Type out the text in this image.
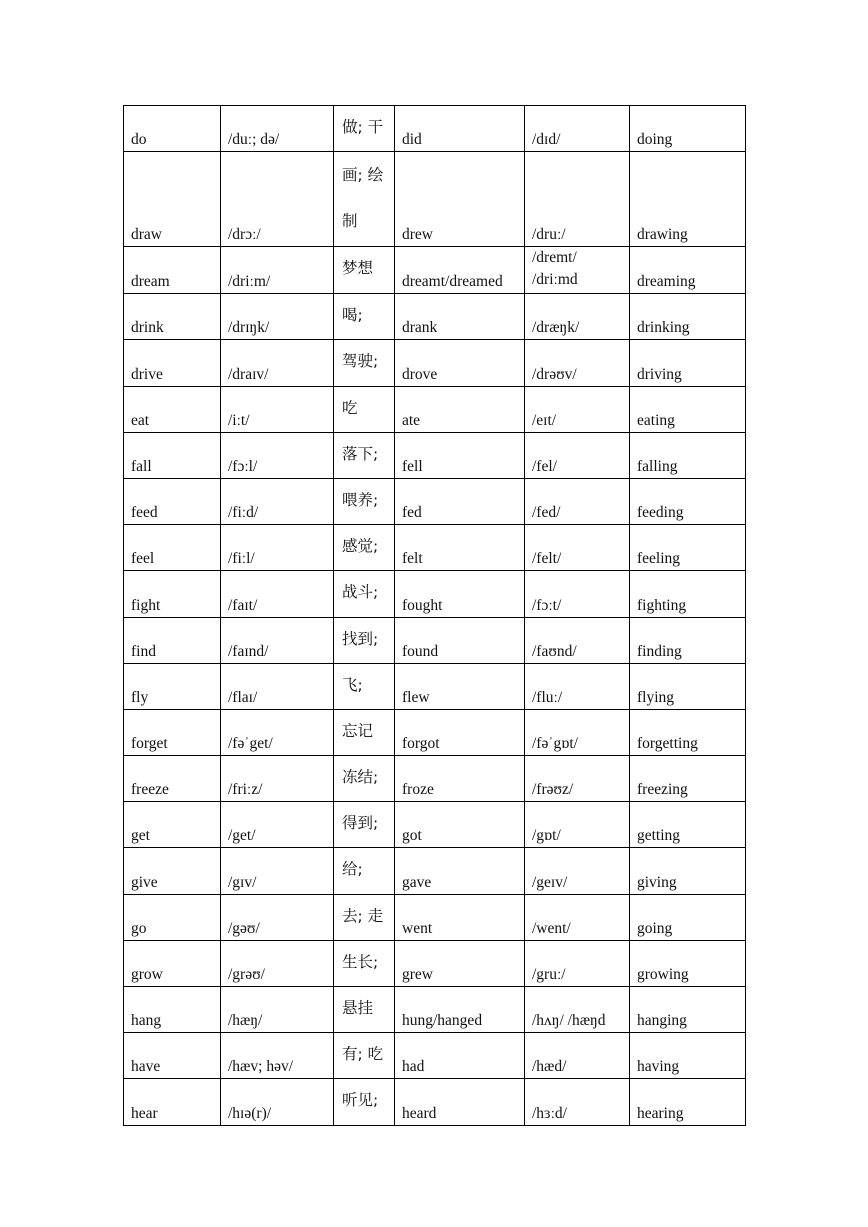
do	/duː; də/	做; 干	did	/dɪd/	doing

draw	/drɔː/	画; 绘 制	drew	/druː/	drawing

dream	/driːm/	梦想	dreamt/dreamed	/dremt/ /driːmd	dreaming

drink	/drɪŋk/	喝;	drank	/dræŋk/	drinking

drive	/draɪv/	驾驶;	drove	/drəʊv/	driving

eat	/iːt/	吃	ate	/eɪt/	eating

fall	/fɔːl/	落下;	fell	/fel/	falling

feed	/fiːd/	喂养;	fed	/fed/	feeding

feel	/fiːl/	感觉;	felt	/felt/	feeling

fight	/faɪt/	战斗;	fought	/fɔːt/	fighting

find	/faɪnd/	找到;	found	/faʊnd/	finding

fly	/flaɪ/	飞;	flew	/fluː/	flying

forget	/fəˈget/	忘记	forgot	/fəˈgɒt/	forgetting

freeze	/friːz/	冻结;	froze	/frəʊz/	freezing

get	/get/	得到;	got	/gɒt/	getting

give	/gɪv/	给;	gave	/geɪv/	giving

go	/gəʊ/	去; 走	went	/went/	going

grow	/grəʊ/	生长;	grew	/gruː/	growing

hang	/hæŋ/	悬挂	hung/hanged	/hʌŋ/ /hæŋd	hanging

have	/hæv; həv/	有; 吃	had	/hæd/	having

hear	/hɪə(r)/	听见;	heard	/hɜːd/	hearing
